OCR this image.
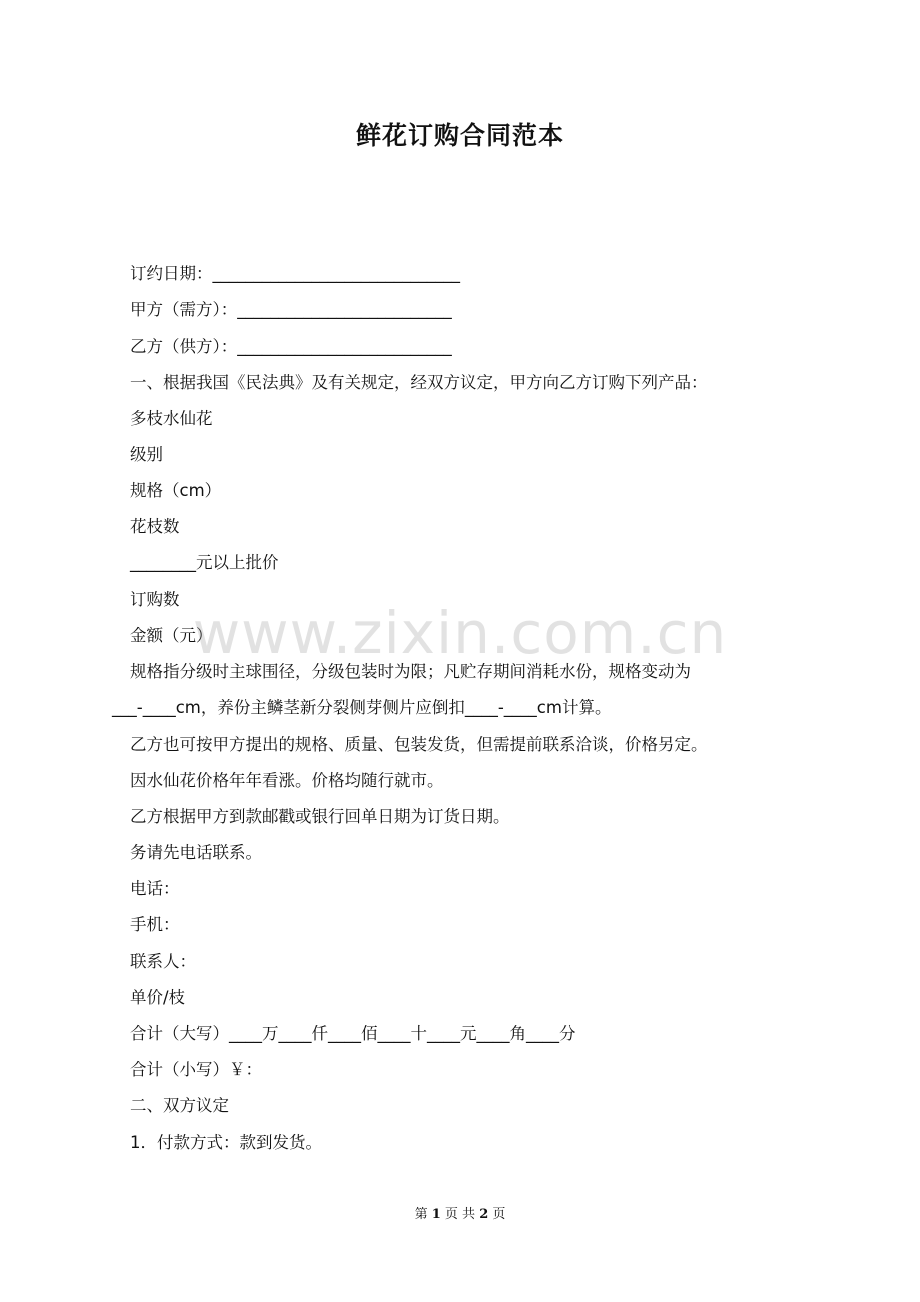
鲜花订购合同范本
订约日期：______________________________
甲方（需方）：__________________________
乙方（供方）：__________________________
一、根据我国《民法典》及有关规定，经双方议定，甲方向乙方订购下列产品：
多枝水仙花
级别
规格（cm）
花枝数
________元以上批价
订购数
金额（元）
规格指分级时主球围径，分级包装时为限；凡贮存期间消耗水份，规格变动为
___-____cm，养份主鳞茎新分裂侧芽侧片应倒扣____-____cm计算。
乙方也可按甲方提出的规格、质量、包装发货，但需提前联系洽谈，价格另定。
因水仙花价格年年看涨。价格均随行就市。
乙方根据甲方到款邮戳或银行回单日期为订货日期。
务请先电话联系。
电话：
手机：
联系人：
单价/枝
合计（大写）____万____仟____佰____十____元____角____分
合计（小写）￥：
二、双方议定
1．付款方式：款到发货。
www.zixin.com.cn
第 1 页 共 2 页
